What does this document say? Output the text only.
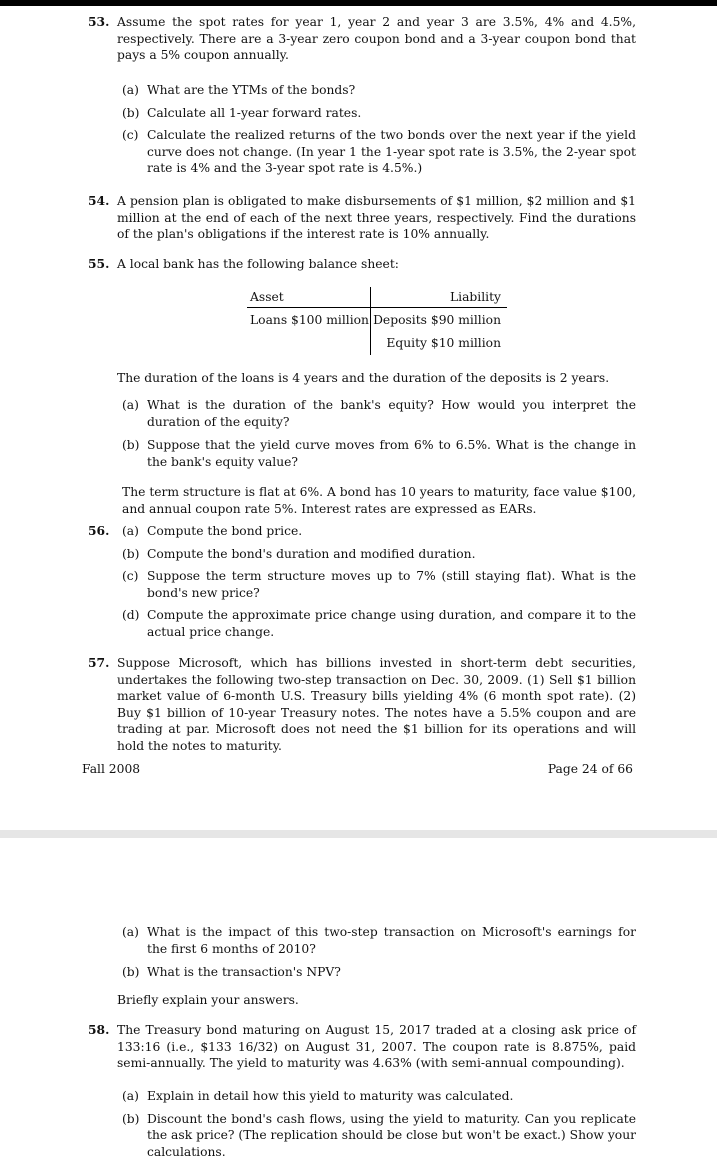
53. Assume the spot rates for year 1, year 2 and year 3 are 3.5%, 4% and 4.5%, respectively. There are a 3-year zero coupon bond and a 3-year coupon bond that pays a 5% coupon annually.
(a) What are the YTMs of the bonds?
(b) Calculate all 1-year forward rates.
(c) Calculate the realized returns of the two bonds over the next year if the yield curve does not change. (In year 1 the 1-year spot rate is 3.5%, the 2-year spot rate is 4% and the 3-year spot rate is 4.5%.)
54. A pension plan is obligated to make disbursements of $1 million, $2 million and $1 million at the end of each of the next three years, respectively. Find the durations of the plan's obligations if the interest rate is 10% annually.
55. A local bank has the following balance sheet:
Asset	Liability
Loans $100 million Deposits $90 million
Equity $10 million
The duration of the loans is 4 years and the duration of the deposits is 2 years.
(a) What is the duration of the bank's equity? How would you interpret the duration of the equity?
(b) Suppose that the yield curve moves from 6% to 6.5%. What is the change in the bank's equity value?
The term structure is flat at 6%. A bond has 10 years to maturity, face value $100, and annual coupon rate 5%. Interest rates are expressed as EARs.
56. (a) Compute the bond price.
(b) Compute the bond's duration and modified duration.
(c) Suppose the term structure moves up to 7% (still staying flat). What is the bond's new price?
(d) Compute the approximate price change using duration, and compare it to the actual price change.
57. Suppose Microsoft, which has billions invested in short-term debt securities, undertakes the following two-step transaction on Dec. 30, 2009. (1) Sell $1 billion market value of 6-month U.S. Treasury bills yielding 4% (6 month spot rate). (2) Buy $1 billion of 10-year Treasury notes. The notes have a 5.5% coupon and are trading at par. Microsoft does not need the $1 billion for its operations and will hold the notes to maturity.
Fall 2008	Page 24 of 66
(a) What is the impact of this two-step transaction on Microsoft's earnings for the first 6 months of 2010?
(b) What is the transaction's NPV?
Briefly explain your answers.
58. The Treasury bond maturing on August 15, 2017 traded at a closing ask price of 133:16 (i.e., $133 16/32) on August 31, 2007. The coupon rate is 8.875%, paid semi-annually. The yield to maturity was 4.63% (with semi-annual compounding).
(a) Explain in detail how this yield to maturity was calculated.
(b) Discount the bond's cash flows, using the yield to maturity. Can you replicate the ask price? (The replication should be close but won't be exact.) Show your calculations.
